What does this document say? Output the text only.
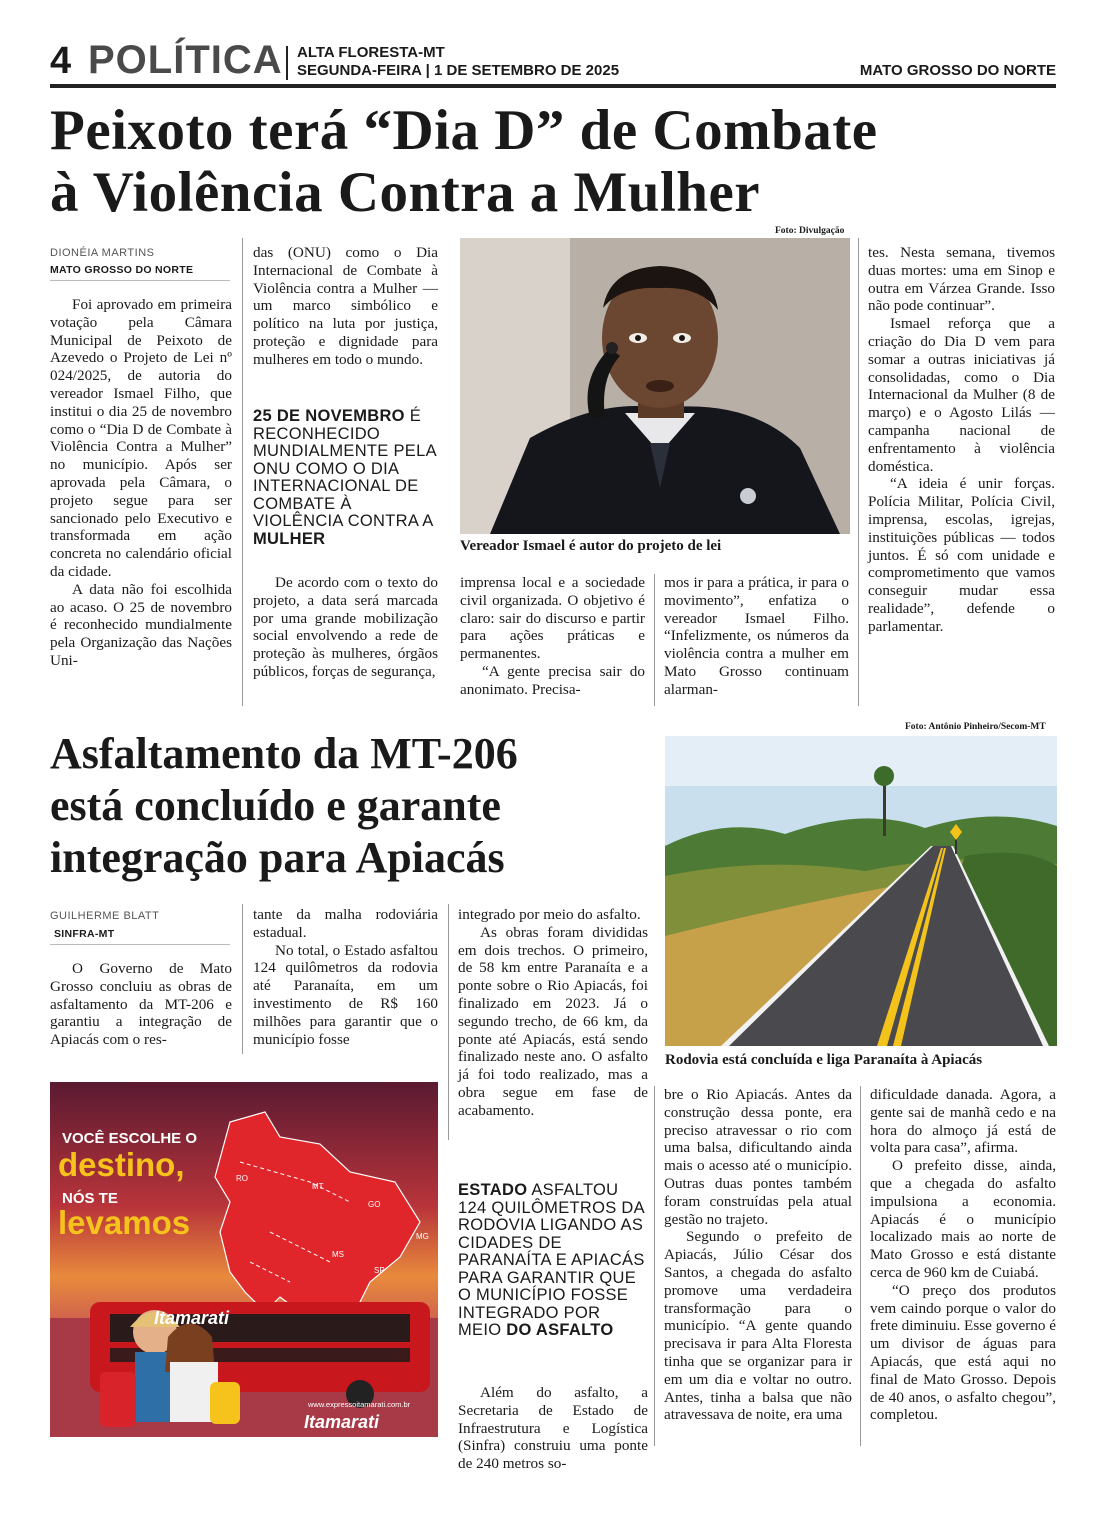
4 POLÍTICA ALTA FLORESTA-MT
SEGUNDA-FEIRA | 1 DE SETEMBRO DE 2025	MATO GROSSO DO NORTE
Peixoto terá “Dia D” de Combate
à Violência Contra a Mulher
DIONÉIA MARTINS
MATO GROSSO DO NORTE

Foi aprovado em primeira votação pela Câmara Municipal de Peixoto de Azevedo o Projeto de Lei nº 024/2025, de autoria do vereador Ismael Filho, que institui o dia 25 de novembro como o “Dia D de Combate à Violência Contra a Mulher” no município. Após ser aprovada pela Câmara, o projeto segue para ser sancionado pelo Executivo e transformada em ação concreta no calendário oficial da cidade.

A data não foi escolhida ao acaso. O 25 de novembro é reconhecido mundialmente pela Organização das Nações Uni-

das (ONU) como o Dia Internacional de Combate à Violência contra a Mulher — um marco simbólico e político na luta por justiça, proteção e dignidade para mulheres em todo o mundo.

25 DE NOVEMBRO É RECONHECIDO MUNDIALMENTE PELA ONU COMO O DIA INTERNACIONAL DE COMBATE À VIOLÊNCIA CONTRA A MULHER

De acordo com o texto do projeto, a data será marcada por uma grande mobilização social envolvendo a rede de proteção às mulheres, órgãos públicos, forças de segurança,

Foto: Divulgação
Vereador Ismael é autor do projeto de lei

imprensa local e a sociedade civil organizada. O objetivo é claro: sair do discurso e partir para ações práticas e permanentes.

“A gente precisa sair do anonimato. Precisa-

mos ir para a prática, ir para o movimento”, enfatiza o vereador Ismael Filho. “Infelizmente, os números da violência contra a mulher em Mato Grosso continuam alarman-

tes. Nesta semana, tivemos duas mortes: uma em Sinop e outra em Várzea Grande. Isso não pode continuar”.

Ismael reforça que a criação do Dia D vem para somar a outras iniciativas já consolidadas, como o Dia Internacional da Mulher (8 de março) e o Agosto Lilás — campanha nacional de enfrentamento à violência doméstica.

“A ideia é unir forças. Polícia Militar, Polícia Civil, imprensa, escolas, igrejas, instituições públicas — todos juntos. É só com unidade e comprometimento que vamos conseguir mudar essa realidade”, defende o parlamentar.

Asfaltamento da MT-206
está concluído e garante
integração para Apiacás
Foto: Antônio Pinheiro/Secom-MT
Rodovia está concluída e liga Paranaíta à Apiacás
GUILHERME BLATT
SINFRA-MT

O Governo de Mato Grosso concluiu as obras de asfaltamento da MT-206 e garantiu a integração de Apiacás com o res-

tante da malha rodoviária estadual.

No total, o Estado asfaltou 124 quilômetros da rodovia até Paranaíta, em um investimento de R$ 160 milhões para garantir que o município fosse

integrado por meio do asfalto.

As obras foram divididas em dois trechos. O primeiro, de 58 km entre Paranaíta e a ponte sobre o Rio Apiacás, foi finalizado em 2023. Já o segundo trecho, de 66 km, da ponte até Apiacás, está sendo finalizado neste ano. O asfalto já foi todo realizado, mas a obra segue em fase de acabamento.

ESTADO ASFALTOU 124 QUILÔMETROS DA RODOVIA LIGANDO AS CIDADES DE PARANAÍTA E APIACÁS PARA GARANTIR QUE O MUNICÍPIO FOSSE INTEGRADO POR MEIO DO ASFALTO

Além do asfalto, a Secretaria de Estado de Infraestrutura e Logística (Sinfra) construiu uma ponte de 240 metros so-

bre o Rio Apiacás. Antes da construção dessa ponte, era preciso atravessar o rio com uma balsa, dificultando ainda mais o acesso até o município. Outras duas pontes também foram construídas pela atual gestão no trajeto.

Segundo o prefeito de Apiacás, Júlio César dos Santos, a chegada do asfalto promove uma verdadeira transformação para o município. “A gente quando precisava ir para Alta Floresta tinha que se organizar para ir em um dia e voltar no outro. Antes, tinha a balsa que não atravessava de noite, era uma

dificuldade danada. Agora, a gente sai de manhã cedo e na hora do almoço já está de volta para casa”, afirma.

O prefeito disse, ainda, que a chegada do asfalto impulsiona a economia. Apiacás é o município localizado mais ao norte de Mato Grosso e está distante cerca de 960 km de Cuiabá.

“O preço dos produtos vem caindo porque o valor do frete diminuiu. Esse governo é um divisor de águas para Apiacás, que está aqui no final de Mato Grosso. Depois de 40 anos, o asfalto chegou”, completou.

VOCÊ ESCOLHE O
destino,
NÓS TE
levamos
RO
MT
GO
MG
MS
SP
Itamarati
www.expressoitamarati.com.br
Itamarati
